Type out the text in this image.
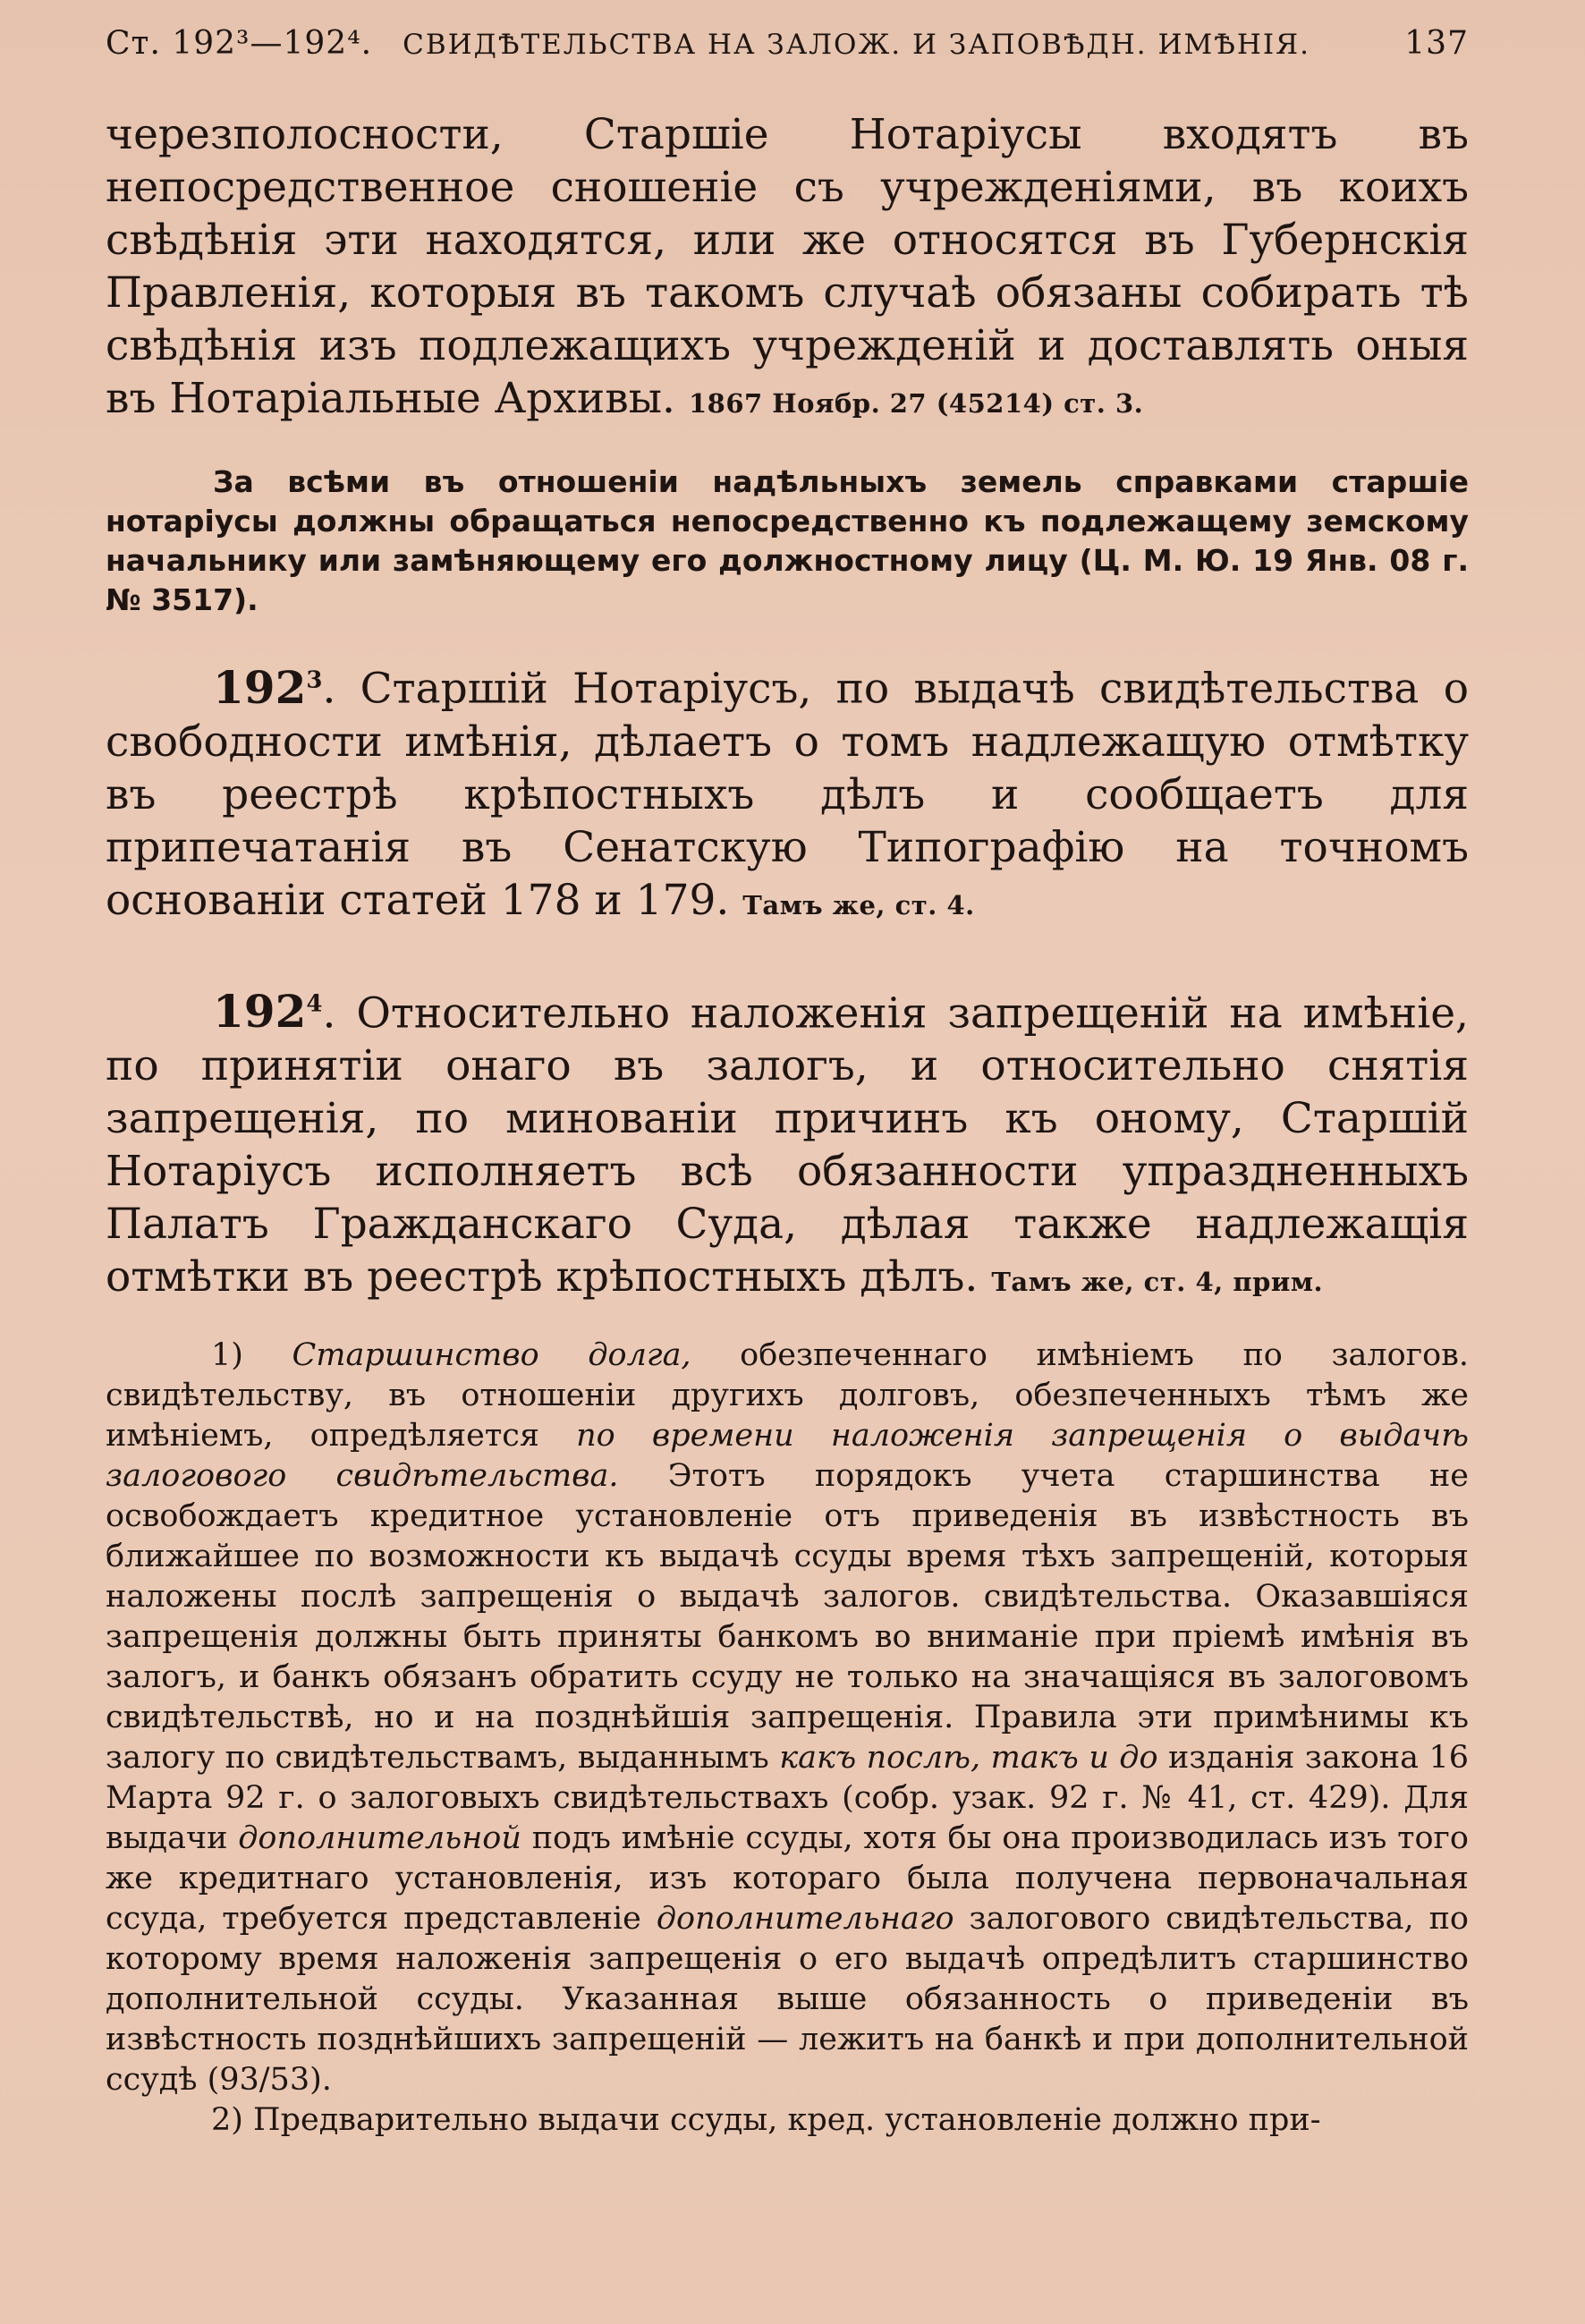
Ст. 192³—192⁴. СВИДѢТЕЛЬСТВА НА ЗАЛОЖ. И ЗАПОВѢДН. ИМѢНІЯ.	137

черезполосности, Старшіе Нотаріусы входятъ въ непосредственное сношеніе съ учрежденіями, въ коихъ свѣдѣнія эти находятся, или же относятся въ Губернскія Правленія, которыя въ такомъ случаѣ обязаны собирать тѣ свѣдѣнія изъ подлежащихъ учрежденій и доставлять оныя въ Нотаріальные Архивы. 1867 Ноябр. 27 (45214) ст. 3.

За всѣми въ отношеніи надѣльныхъ земель справками старшіе нотаріусы должны обращаться непосредственно къ подлежащему земскому начальнику или замѣняющему его должностному лицу (Ц. М. Ю. 19 Янв. 08 г. № 3517).

$192^3$. Старшій Нотаріусъ, по выдачѣ свидѣтельства о свободности имѣнія, дѣлаетъ о томъ надлежащую отмѣтку въ реестрѣ крѣпостныхъ дѣлъ и сообщаетъ для припечатанія въ Сенатскую Типографію на точномъ основаніи статей 178 и 179. Тамъ же, ст. 4.

$192^4$. Относительно наложенія запрещеній на имѣніе, по принятіи онаго въ залогъ, и относительно снятія запрещенія, по минованіи причинъ къ оному, Старшій Нотаріусъ исполняетъ всѣ обязанности упраздненныхъ Палатъ Гражданскаго Суда, дѣлая также надлежащія отмѣтки въ реестрѣ крѣпостныхъ дѣлъ. Тамъ же, ст. 4, прим.

1) Старшинство долга, обезпеченнаго имѣніемъ по залогов. свидѣтельству, въ отношеніи другихъ долговъ, обезпеченныхъ тѣмъ же имѣніемъ, опредѣляется по времени наложенія запрещенія о выдачѣ залогового свидѣтельства. Этотъ порядокъ учета старшинства не освобождаетъ кредитное установленіе отъ приведенія въ извѣстность въ ближайшее по возможности къ выдачѣ ссуды время тѣхъ запрещеній, которыя наложены послѣ запрещенія о выдачѣ залогов. свидѣтельства. Оказавшіяся запрещенія должны быть приняты банкомъ во вниманіе при пріемѣ имѣнія въ залогъ, и банкъ обязанъ обратить ссуду не только на значащіяся въ залоговомъ свидѣтельствѣ, но и на позднѣйшія запрещенія. Правила эти примѣнимы къ залогу по свидѣтельствамъ, выданнымъ какъ послѣ, такъ и до изданія закона 16 Марта 92 г. о залоговыхъ свидѣтельствахъ (собр. узак. 92 г. № 41, ст. 429). Для выдачи дополнительной подъ имѣніе ссуды, хотя бы она производилась изъ того же кредитнаго установленія, изъ котораго была получена первоначальная ссуда, требуется представленіе дополнительнаго залогового свидѣтельства, по которому время наложенія запрещенія о его выдачѣ опредѣлитъ старшинство дополнительной ссуды. Указанная выше обязанность о приведеніи въ извѣстность позднѣйшихъ запрещеній — лежитъ на банкѣ и при дополнительной ссудѣ (93/53).

2) Предварительно выдачи ссуды, кред. установленіе должно при-
